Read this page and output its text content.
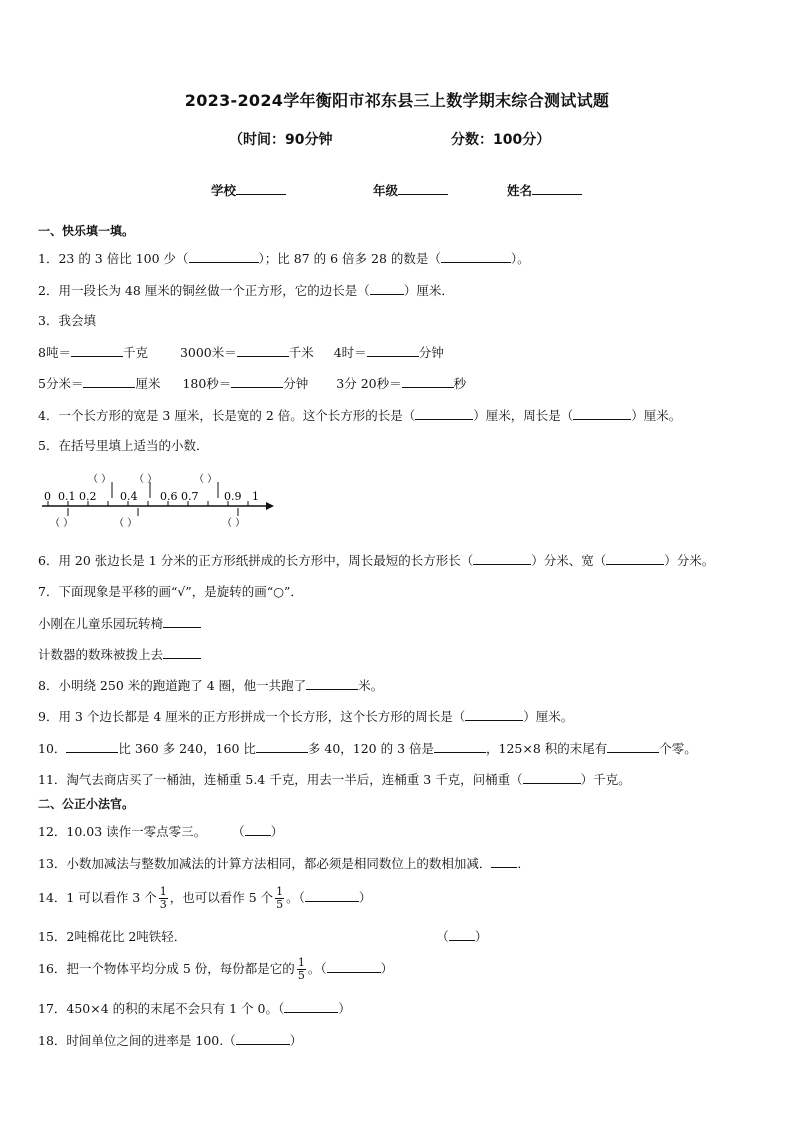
2023-2024学年衡阳市祁东县三上数学期末综合测试试题
（时间：90分钟	分数：100分）
学校	年级	姓名
一、快乐填一填。
1．23 的 3 倍比 100 少（	）；比 87 的 6 倍多 28 的数是（	）。
2．用一段长为 48 厘米的铜丝做一个正方形，它的边长是（	）厘米．
3．我会填
8吨＝	千克	3000米＝	千米 4时＝	分钟
5分米＝	厘米 180秒＝	分钟 3分 20秒＝	秒
4．一个长方形的宽是 3 厘米，长是宽的 2 倍。这个长方形的长是（	）厘米，周长是（	）厘米。
5．在括号里填上适当的小数．
0 0.1 0.2 0.4 0.6 0.7 0.9 1
（ ） （ ）	（ ）
（ ）	（ ）	（ ）
6．用 20 张边长是 1 分米的正方形纸拼成的长方形中，周长最短的长方形长（	）分米、宽（	）分米。
7．下面现象是平移的画“√”，是旋转的画“○”．
小刚在儿童乐园玩转椅
计数器的数珠被拨上去
8．小明绕 250 米的跑道跑了 4 圈，他一共跑了	米。
9．用 3 个边长都是 4 厘米的正方形拼成一个长方形，这个长方形的周长是（	）厘米。
10．	比 360 多 240，160 比	多 40，120 的 3 倍是	，125×8 积的末尾有	个零。
11．淘气去商店买了一桶油，连桶重 5.4 千克，用去一半后，连桶重 3 千克，问桶重（	）千克。
二、公正小法官。
12．10.03 读作一零点零三。 （ ）
13．小数加减法与整数加减法的计算方法相同，都必须是相同数位上的数相加减． ．
14．1 可以看作 3 个 $\frac{1}{3}$ ，也可以看作 5 个 $\frac{1}{5}$ 。（	）
15．2吨棉花比 2吨铁轻．	（ ）
16．把一个物体平均分成 5 份，每份都是它的 $\frac{1}{5}$ 。（	）
17．450×4 的积的末尾不会只有 1 个 0。（	）
18．时间单位之间的进率是 100.（	）
